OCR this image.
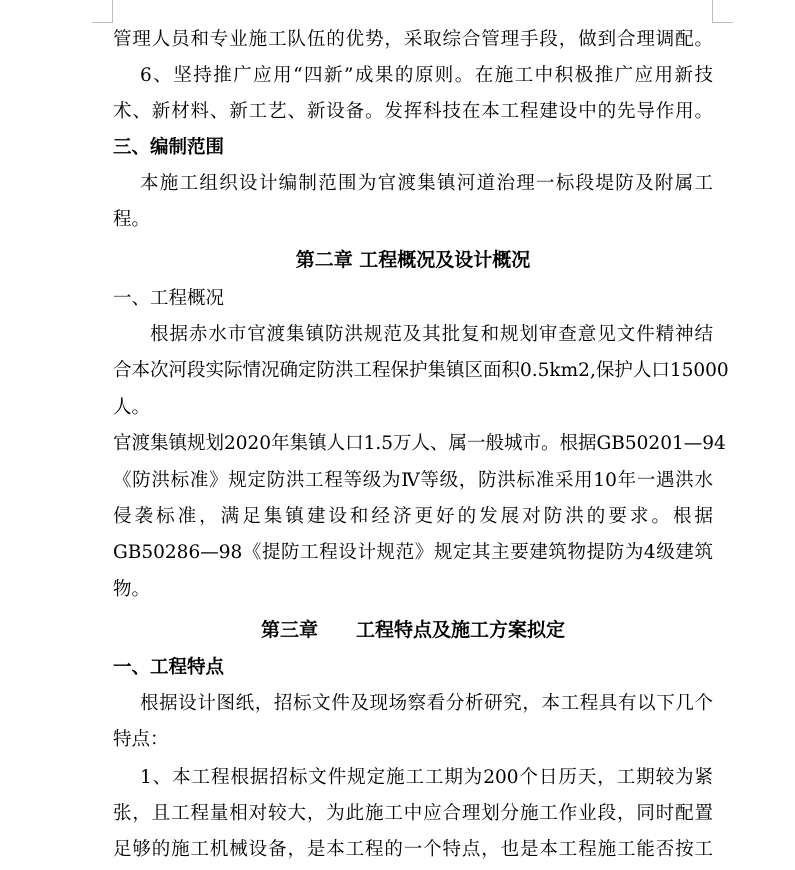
管理人员和专业施工队伍的优势，采取综合管理手段，做到合理调配。
6、坚持推广应用“四新”成果的原则。在施工中积极推广应用新技
术、新材料、新工艺、新设备。发挥科技在本工程建设中的先导作用。
三、编制范围
本施工组织设计编制范围为官渡集镇河道治理一标段堤防及附属工
程。
第二章 工程概况及设计概况
一、工程概况
根据赤水市官渡集镇防洪规范及其批复和规划审查意见文件精神结
合本次河段实际情况确定防洪工程保护集镇区面积0.5km2,保护人口15000
人。
官渡集镇规划2020年集镇人口1.5万人、属一般城市。根据GB50201—94
《防洪标准》规定防洪工程等级为Ⅳ等级，防洪标准采用10年一遇洪水
侵袭标准，满足集镇建设和经济更好的发展对防洪的要求。根据
GB50286—98《提防工程设计规范》规定其主要建筑物提防为4级建筑
物。
第三章　　工程特点及施工方案拟定
一、工程特点
根据设计图纸，招标文件及现场察看分析研究，本工程具有以下几个
特点：
1、本工程根据招标文件规定施工工期为200个日历天，工期较为紧
张，且工程量相对较大，为此施工中应合理划分施工作业段，同时配置
足够的施工机械设备，是本工程的一个特点，也是本工程施工能否按工
